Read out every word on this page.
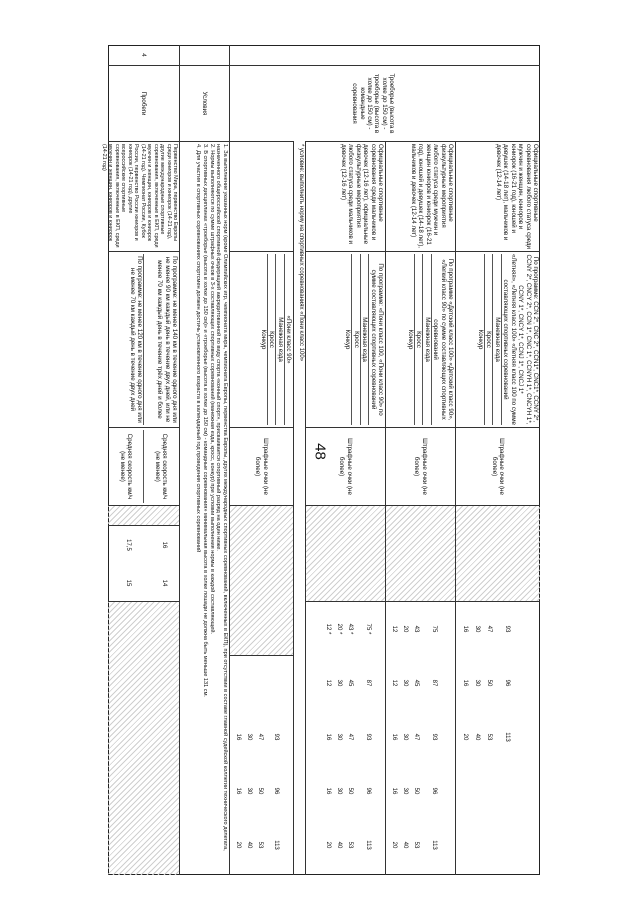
48
Троеборье (высота в холке до 150 см) - троеборье (высота в холке до 150 см) - командные соревнования
Официальные спортивные соревнования любого статуса среди мужчин и женщин, юниоров и юниорок (16-21 год), юношей и девушек (14-18 лет), мальчиков и девочек (12-14 лет)
По программе: CCN 2*, CNC 2*, CCN1*, CNC1*, CCNY 2*, CCNY 2*, CNCY 2*, CCN 1*, CNC 1*, CCNYH 1*, CNCYH 1*, CCNY 1*, CNCY 1*, CCNJ 1*, CNCJ 1*
«Летняя», «Летняя класс 100» «Летняя класс 100 по сумме составляющих спортивных соревнований
Манежная езда
Кросс
Конкур
Штрафные очки (не более)
93
96
113
47
50
53
30
30
40
16
16
20
Официальные спортивные физкультурные мероприятия любого статуса среди мужчин и женщин юниоров и юниорок (16-21 год), юношей и девушек (14-18 лет), мальчиков и девочек (12-14 лет)
По программе «Детский класс 100» «Детский класс 90», «Легкий класс 90» по сумме составляющих спортивных соревнований
Манежная езда
Кросс
Конкур
Штрафные очки (не более)
75
87
93
96
113
43
45
47
50
53
20
30
30
30
40
12
12
16
16
20
Официальные спортивные соревнования среди мальчиков и девочек (12-16 лет), официальные физкультурные мероприятия любого статуса среди мальчиков и девочек (12-16 лет)
По программе: «Пони класс 100, «Пони класс 90» по сумме составляющих спортивных соревнований
Манежная езда
Кросс
Конкур
Штрафные очки (не более)
75 *
87
93
96
113
43 *
45
47
50
53
20 *
30
30
30
40
12 *
12
16
16
20
* условие: выполнить норму на спортивных соревнованиях «Пони класс 100»
«Пони класс 90»
Манежная езда
Кросс
Конкур
Штрафные очки (не более)
93
96
113
47
50
53
30
30
40
16
16
20
Условия
1. За выполнение указанных норм (кроме Олимпийских игр, чемпионата мира, чемпионата Европы, первенства Европы, других международных спортивных соревнований, включенных в ЕКП), при отсутствии в составе главной судейской коллегии технического делегата, назначенного общероссийской спортивной федерацией аккредитованной по виду спорта «конный спорт», присваивается спортивный разряд на один ниже.
2. Нормы выполняются по сумме штрафных очков в 3-х составляющих спортивных соревнований (манежная езда, кросс, конкур) при условии выполнения нормы в каждой составляющей.
3. В спортивных дисциплинах «троеборье (высота в холке до 150 см)» и «троеборье (высота в холке до 150 см) - командные соревнования» минимальная высота в холке лошади не должна быть меньше 131 см.
4. Для участия в спортивных соревнованиях спортсмен должен достичь установленного возраста в календарный год проведения спортивных соревнований
4
Пробеги
Первенство Мира, первенство Европы среди юниоров и юниорок (14-21 год), другие международные спортивные соревнования, включенные в ЕКП, среди мужчин и женщин, юниоров и юниорок (14-21 год). Чемпионат России, Кубок России, первенство России юниоров и юниорок (14-21 год), другие всероссийские спортивные соревнования, включенные в ЕКП, среди мужчин и женщин, юниоров и юниорок (14-21 год)
По программе: не менее 140 км в течение одного дня или не менее 90 км каждый день в течение двух дней, или не менее 70 км каждый день в течение трёх дней и более
По программе: не менее 120 км в течение одного дня или не менее 70 км каждый день в течение двух дней
Средняя скорость км/ч (не менее)
Средняя скорость км/ч (не менее)
16
14
17,5
15
